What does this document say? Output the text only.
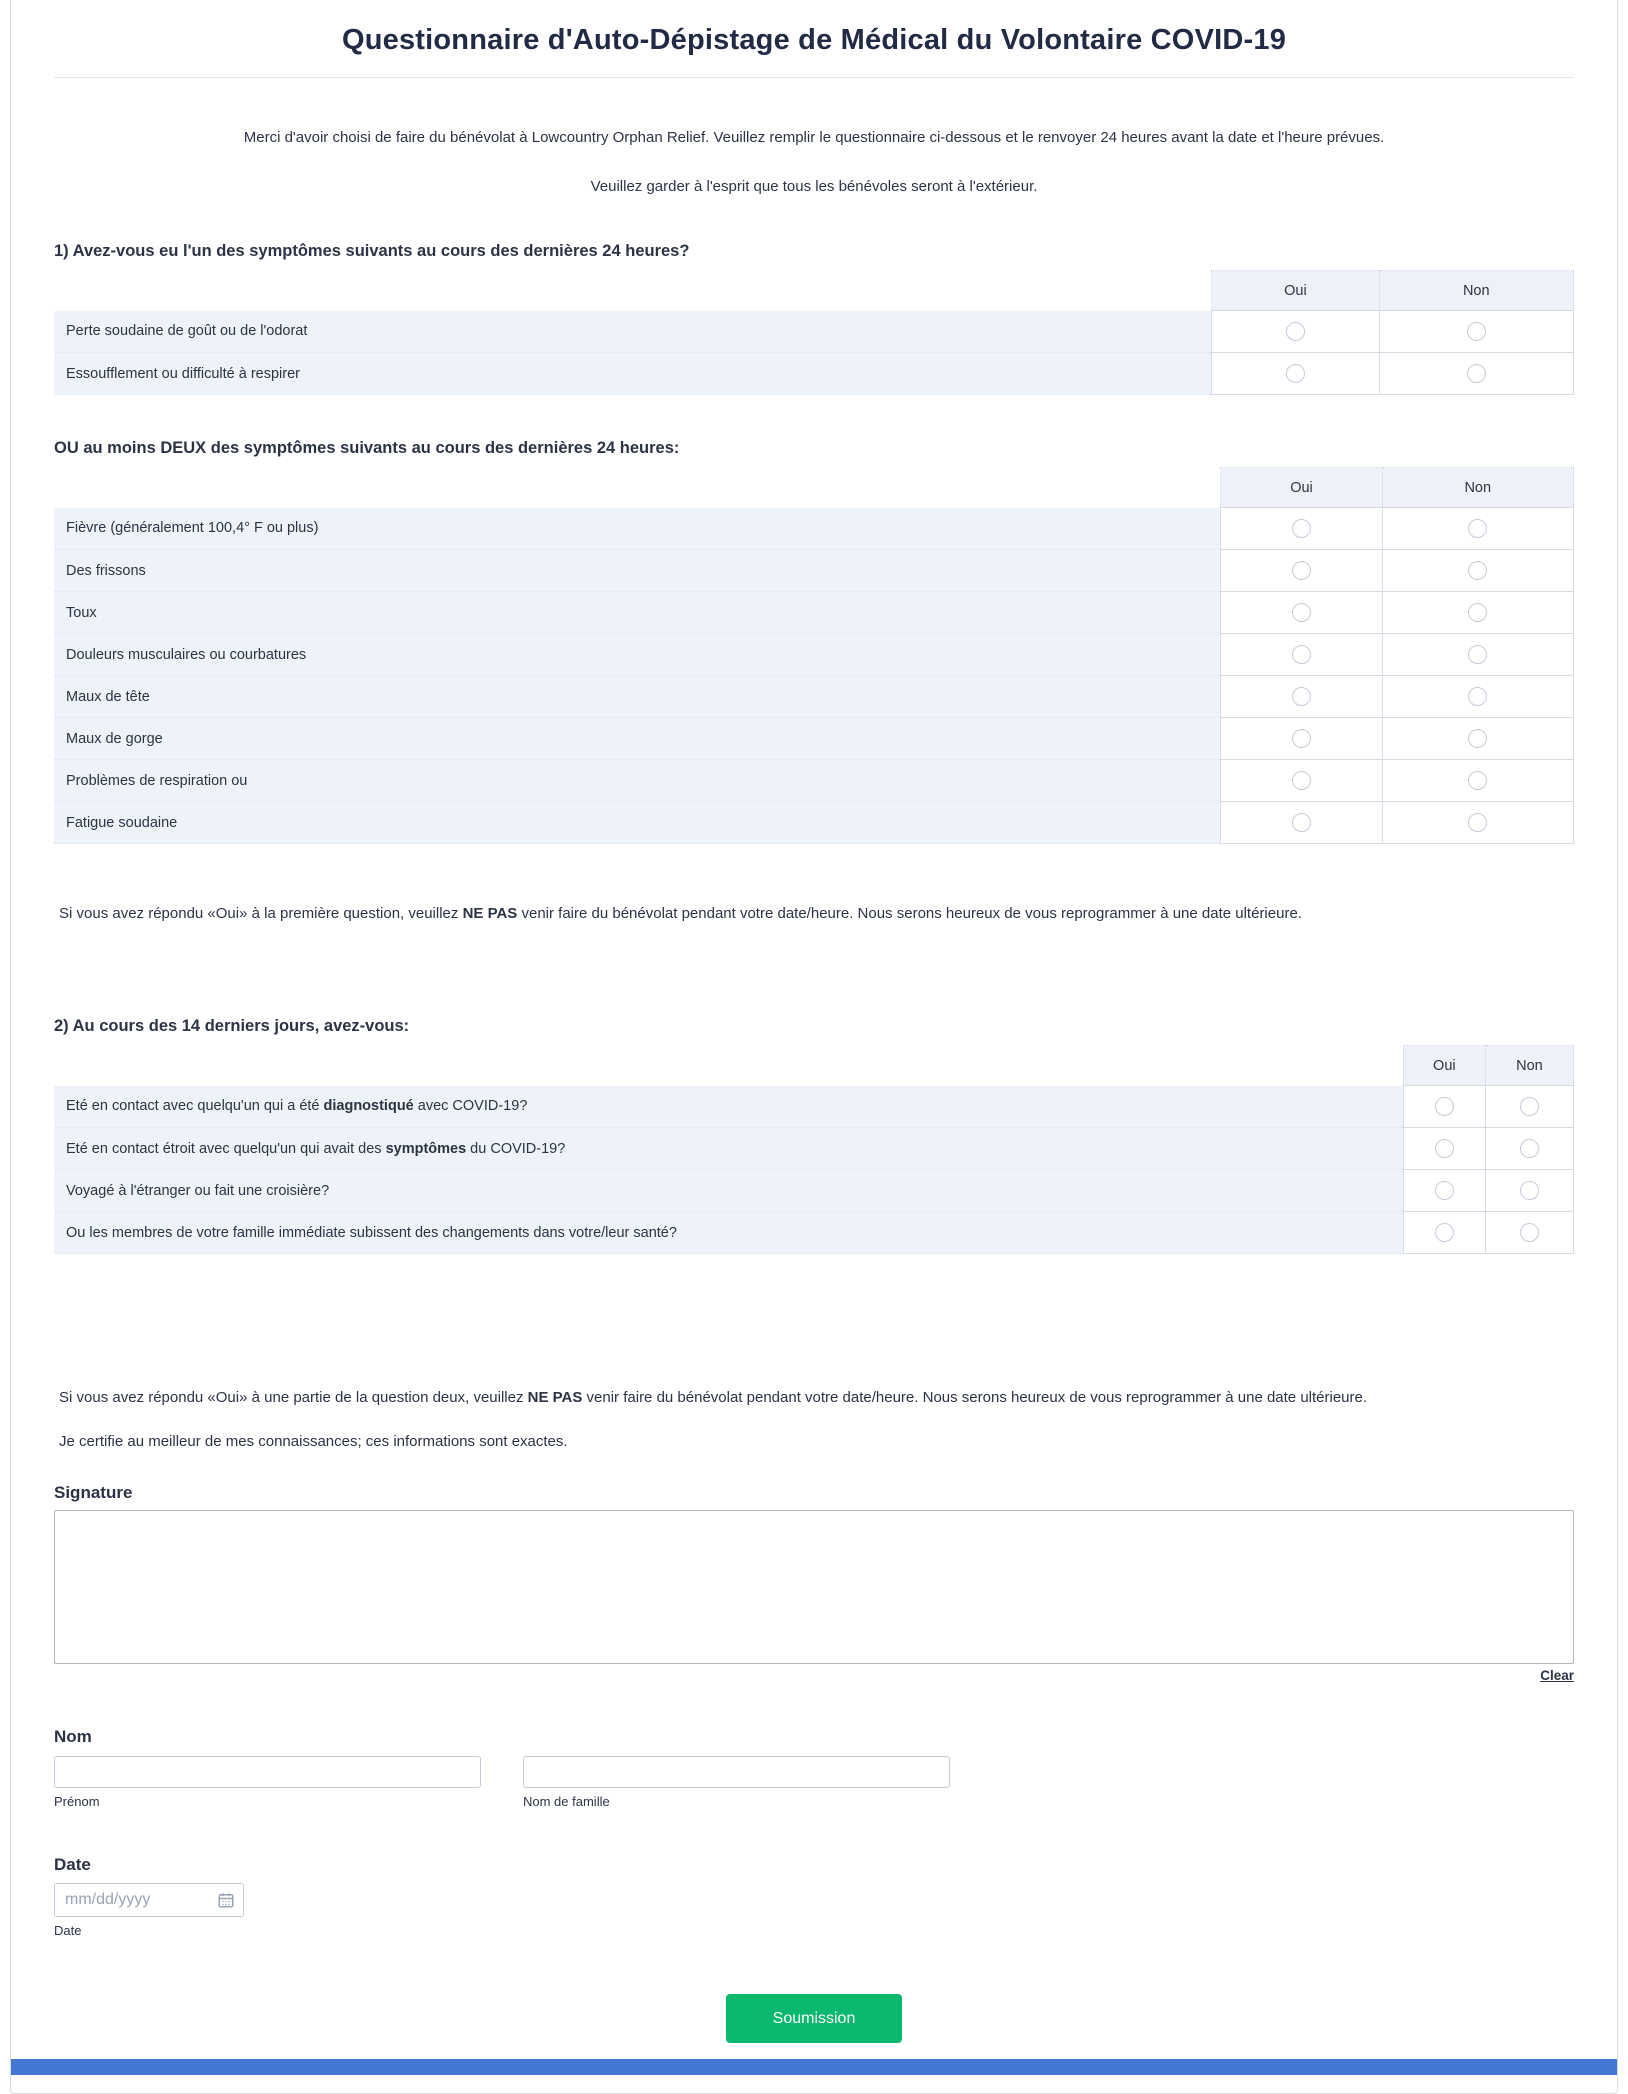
Questionnaire d'Auto-Dépistage de Médical du Volontaire COVID-19

Merci d'avoir choisi de faire du bénévolat à Lowcountry Orphan Relief. Veuillez remplir le questionnaire ci-dessous et le renvoyer 24 heures avant la date et l'heure prévues.

Veuillez garder à l'esprit que tous les bénévoles seront à l'extérieur.

1) Avez-vous eu l'un des symptômes suivants au cours des dernières 24 heures?
	Oui	Non
Perte soudaine de goût ou de l'odorat		
Essoufflement ou difficulté à respirer		
OU au moins DEUX des symptômes suivants au cours des dernières 24 heures:
	Oui	Non
Fièvre (généralement 100,4° F ou plus)		
Des frissons		
Toux		
Douleurs musculaires ou courbatures		
Maux de tête		
Maux de gorge		
Problèmes de respiration ou		
Fatigue soudaine		

Si vous avez répondu «Oui» à la première question, veuillez NE PAS venir faire du bénévolat pendant votre date/heure. Nous serons heureux de vous reprogrammer à une date ultérieure.

2) Au cours des 14 derniers jours, avez-vous:
	Oui	Non
Eté en contact avec quelqu'un qui a été diagnostiqué avec COVID-19?		
Eté en contact étroit avec quelqu'un qui avait des symptômes du COVID-19?		
Voyagé à l'étranger ou fait une croisière?		
Ou les membres de votre famille immédiate subissent des changements dans votre/leur santé?		

Si vous avez répondu «Oui» à une partie de la question deux, veuillez NE PAS venir faire du bénévolat pendant votre date/heure. Nous serons heureux de vous reprogrammer à une date ultérieure.

Je certifie au meilleur de mes connaissances; ces informations sont exactes.

Signature
Clear
Nom
Prénom	Nom de famille
Date
mm/dd/yyyy
Date
Soumission
